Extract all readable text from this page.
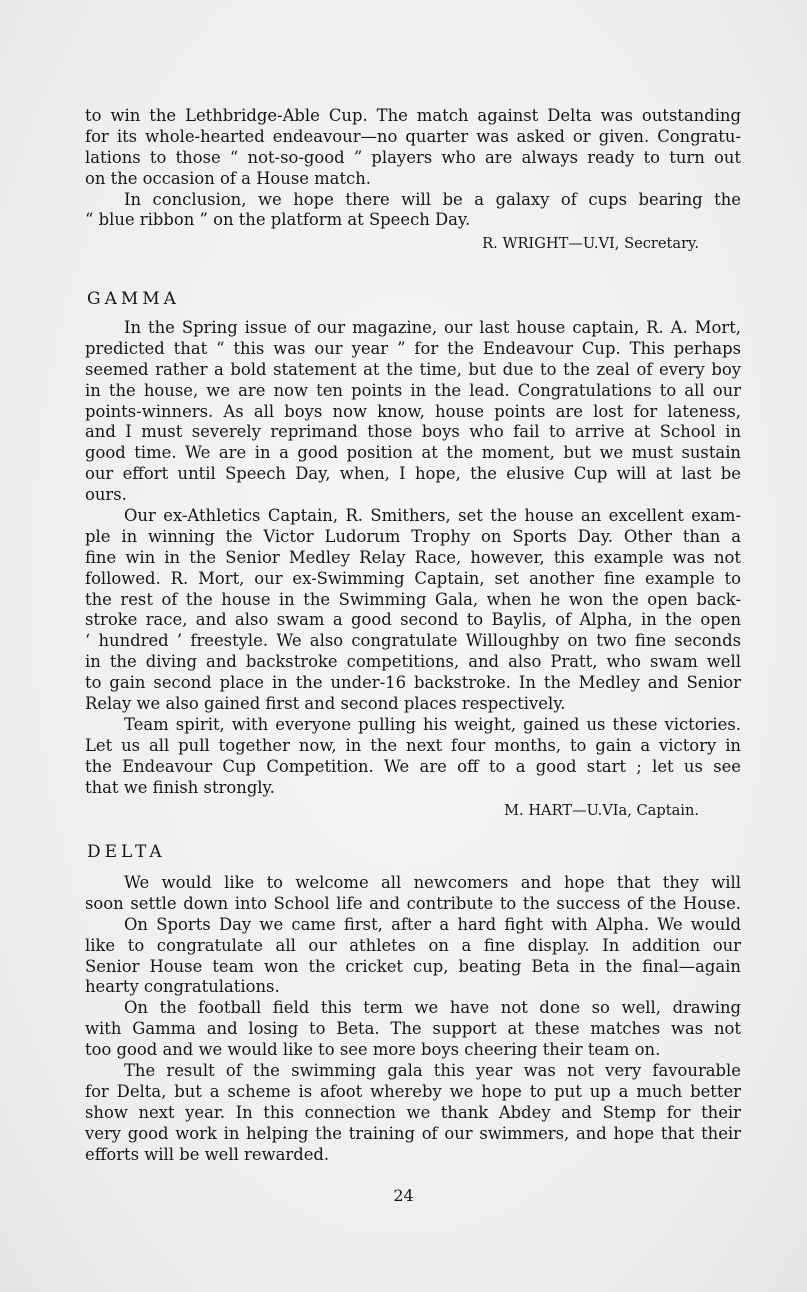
to win the Lethbridge-Able Cup. The match against Delta was outstanding
for its whole-hearted endeavour—no quarter was asked or given. Congratu-
lations to those “ not-so-good ” players who are always ready to turn out
on the occasion of a House match.
In conclusion, we hope there will be a galaxy of cups bearing the
“ blue ribbon ” on the platform at Speech Day.
R. WRIGHT—U.VI, Secretary.
GAMMA
In the Spring issue of our magazine, our last house captain, R. A. Mort,
predicted that “ this was our year ” for the Endeavour Cup. This perhaps
seemed rather a bold statement at the time, but due to the zeal of every boy
in the house, we are now ten points in the lead. Congratulations to all our
points-winners. As all boys now know, house points are lost for lateness,
and I must severely reprimand those boys who fail to arrive at School in
good time. We are in a good position at the moment, but we must sustain
our effort until Speech Day, when, I hope, the elusive Cup will at last be
ours.
Our ex-Athletics Captain, R. Smithers, set the house an excellent exam-
ple in winning the Victor Ludorum Trophy on Sports Day. Other than a
fine win in the Senior Medley Relay Race, however, this example was not
followed. R. Mort, our ex-Swimming Captain, set another fine example to
the rest of the house in the Swimming Gala, when he won the open back-
stroke race, and also swam a good second to Baylis, of Alpha, in the open
‘ hundred ’ freestyle. We also congratulate Willoughby on two fine seconds
in the diving and backstroke competitions, and also Pratt, who swam well
to gain second place in the under-16 backstroke. In the Medley and Senior
Relay we also gained first and second places respectively.
Team spirit, with everyone pulling his weight, gained us these victories.
Let us all pull together now, in the next four months, to gain a victory in
the Endeavour Cup Competition. We are off to a good start ; let us see
that we finish strongly.
M. HART—U.VIa, Captain.
DELTA
We would like to welcome all newcomers and hope that they will
soon settle down into School life and contribute to the success of the House.
On Sports Day we came first, after a hard fight with Alpha. We would
like to congratulate all our athletes on a fine display. In addition our
Senior House team won the cricket cup, beating Beta in the final—again
hearty congratulations.
On the football field this term we have not done so well, drawing
with Gamma and losing to Beta. The support at these matches was not
too good and we would like to see more boys cheering their team on.
The result of the swimming gala this year was not very favourable
for Delta, but a scheme is afoot whereby we hope to put up a much better
show next year. In this connection we thank Abdey and Stemp for their
very good work in helping the training of our swimmers, and hope that their
efforts will be well rewarded.
24
